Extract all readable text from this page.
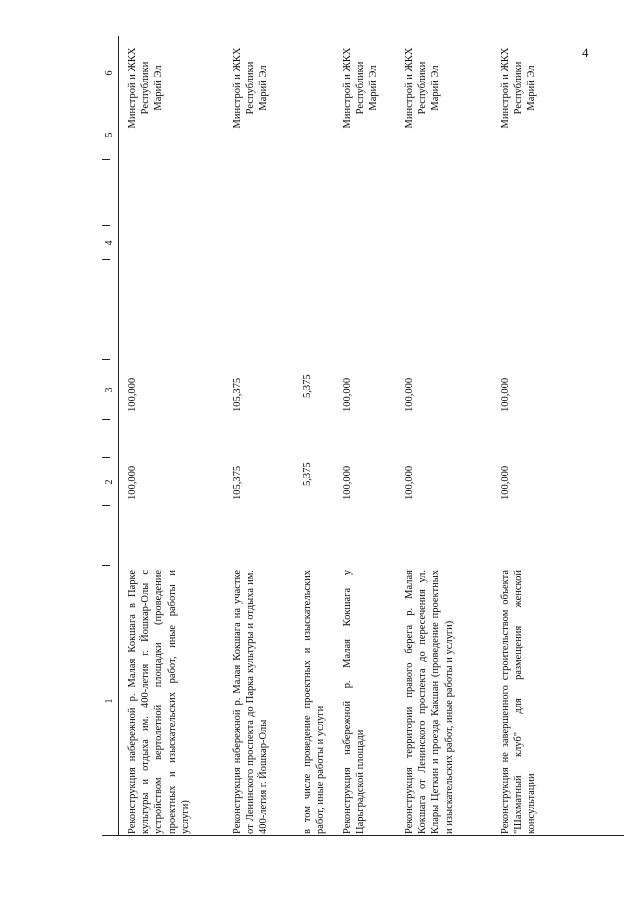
4
1
2
3
4
5
6
Реконструкция набережной р. Малая Кокшага в Парке культуры и отдыха им. 400-летия г. Йошкар-Олы с устройством вертолетной площадки (проведение проектных и изыскательских работ, иные работы и услуги)
100,000
100,000
Минстрой и ЖКХ
Республики
Марий Эл
Реконструкция набережной р. Малая Кокшага на участке от Ленинского проспекта до Парка культуры и отдыха им. 400-летия г. Йошкар-Олы
105,375
105,375
Минстрой и ЖКХ
Республики
Марий Эл
в том числе проведение проектных и изыскательских работ, иные работы и услуги
5,375
5,375
Реконструкция набережной р. Малая Кокшага у Царьградской площади
100,000
100,000
Минстрой и ЖКХ
Республики
Марий Эл
Реконструкция территории правого берега р. Малая Кокшага от Ленинского проспекта до пересечения ул. Клары Цеткин и проезда Какшан (проведение проектных и изыскательских работ, иные работы и услуги)
100,000
100,000
Минстрой и ЖКХ
Республики
Марий Эл
Реконструкция не завершенного строительством объекта "Шахматный клуб" для размещения женской консультации
100,000
100,000
Минстрой и ЖКХ
Республики
Марий Эл
